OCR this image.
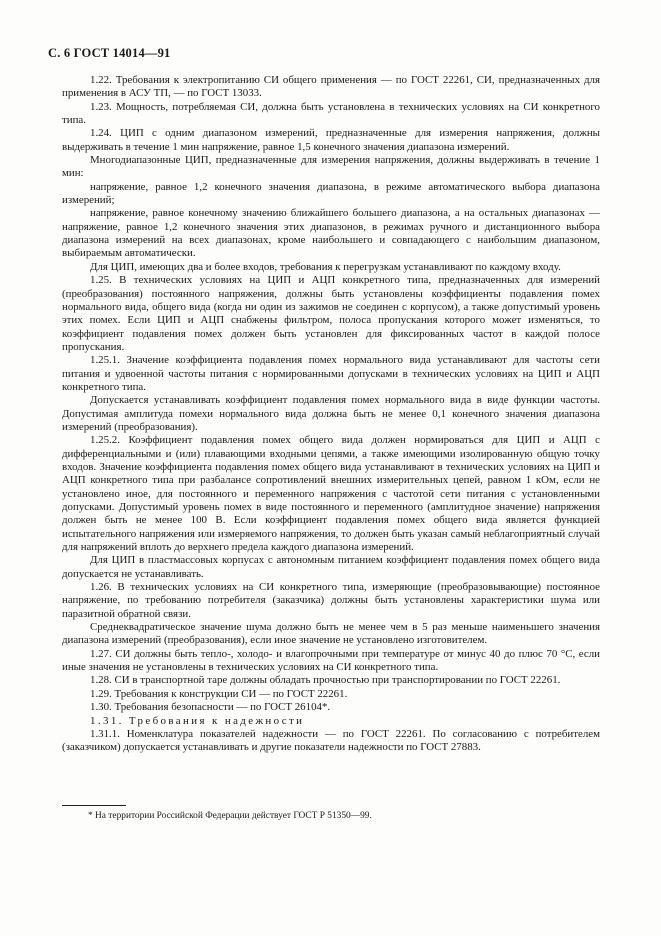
С. 6 ГОСТ 14014—91

1.22. Требования к электропитанию СИ общего применения — по ГОСТ 22261, СИ, предназначенных для применения в АСУ ТП, — по ГОСТ 13033.

1.23. Мощность, потребляемая СИ, должна быть установлена в технических условиях на СИ конкретного типа.

1.24. ЦИП с одним диапазоном измерений, предназначенные для измерения напряжения, должны выдерживать в течение 1 мин напряжение, равное 1,5 конечного значения диапазона измерений.

Многодиапазонные ЦИП, предназначенные для измерения напряжения, должны выдерживать в течение 1 мин:

напряжение, равное 1,2 конечного значения диапазона, в режиме автоматического выбора диапазона измерений;

напряжение, равное конечному значению ближайшего большего диапазона, а на остальных диапазонах — напряжение, равное 1,2 конечного значения этих диапазонов, в режимах ручного и дистанционного выбора диапазона измерений на всех диапазонах, кроме наибольшего и совпадающего с наибольшим диапазоном, выбираемым автоматически.

Для ЦИП, имеющих два и более входов, требования к перегрузкам устанавливают по каждому входу.

1.25. В технических условиях на ЦИП и АЦП конкретного типа, предназначенных для измерений (преобразования) постоянного напряжения, должны быть установлены коэффициенты подавления помех нормального вида, общего вида (когда ни один из зажимов не соединен с корпусом), а также допустимый уровень этих помех. Если ЦИП и АЦП снабжены фильтром, полоса пропускания которого может изменяться, то коэффициент подавления помех должен быть установлен для фиксированных частот в каждой полосе пропускания.

1.25.1. Значение коэффициента подавления помех нормального вида устанавливают для частоты сети питания и удвоенной частоты питания с нормированными допусками в технических условиях на ЦИП и АЦП конкретного типа.

Допускается устанавливать коэффициент подавления помех нормального вида в виде функции частоты. Допустимая амплитуда помехи нормального вида должна быть не менее 0,1 конечного значения диапазона измерений (преобразования).

1.25.2. Коэффициент подавления помех общего вида должен нормироваться для ЦИП и АЦП с дифференциальными и (или) плавающими входными цепями, а также имеющими изолированную общую точку входов. Значение коэффициента подавления помех общего вида устанавливают в технических условиях на ЦИП и АЦП конкретного типа при разбалансе сопротивлений внешних измерительных цепей, равном 1 кОм, если не установлено иное, для постоянного и переменного напряжения с частотой сети питания с установленными допусками. Допустимый уровень помех в виде постоянного и переменного (амплитудное значение) напряжения должен быть не менее 100 В. Если коэффициент подавления помех общего вида является функцией испытательного напряжения или измеряемого напряжения, то должен быть указан самый неблагоприятный случай для напряжений вплоть до верхнего предела каждого диапазона измерений.

Для ЦИП в пластмассовых корпусах с автономным питанием коэффициент подавления помех общего вида допускается не устанавливать.

1.26. В технических условиях на СИ конкретного типа, измеряющие (преобразовывающие) постоянное напряжение, по требованию потребителя (заказчика) должны быть установлены характеристики шума или паразитной обратной связи.

Среднеквадратическое значение шума должно быть не менее чем в 5 раз меньше наименьшего значения диапазона измерений (преобразования), если иное значение не установлено изготовителем.

1.27. СИ должны быть тепло-, холодо- и влагопрочными при температуре от минус 40 до плюс 70 °С, если иные значения не установлены в технических условиях на СИ конкретного типа.

1.28. СИ в транспортной таре должны обладать прочностью при транспортировании по ГОСТ 22261.

1.29. Требования к конструкции СИ — по ГОСТ 22261.

1.30. Требования безопасности — по ГОСТ 26104*.

1.31. Требования к надежности

1.31.1. Номенклатура показателей надежности — по ГОСТ 22261. По согласованию с потребителем (заказчиком) допускается устанавливать и другие показатели надежности по ГОСТ 27883.

* На территории Российской Федерации действует ГОСТ Р 51350—99.
